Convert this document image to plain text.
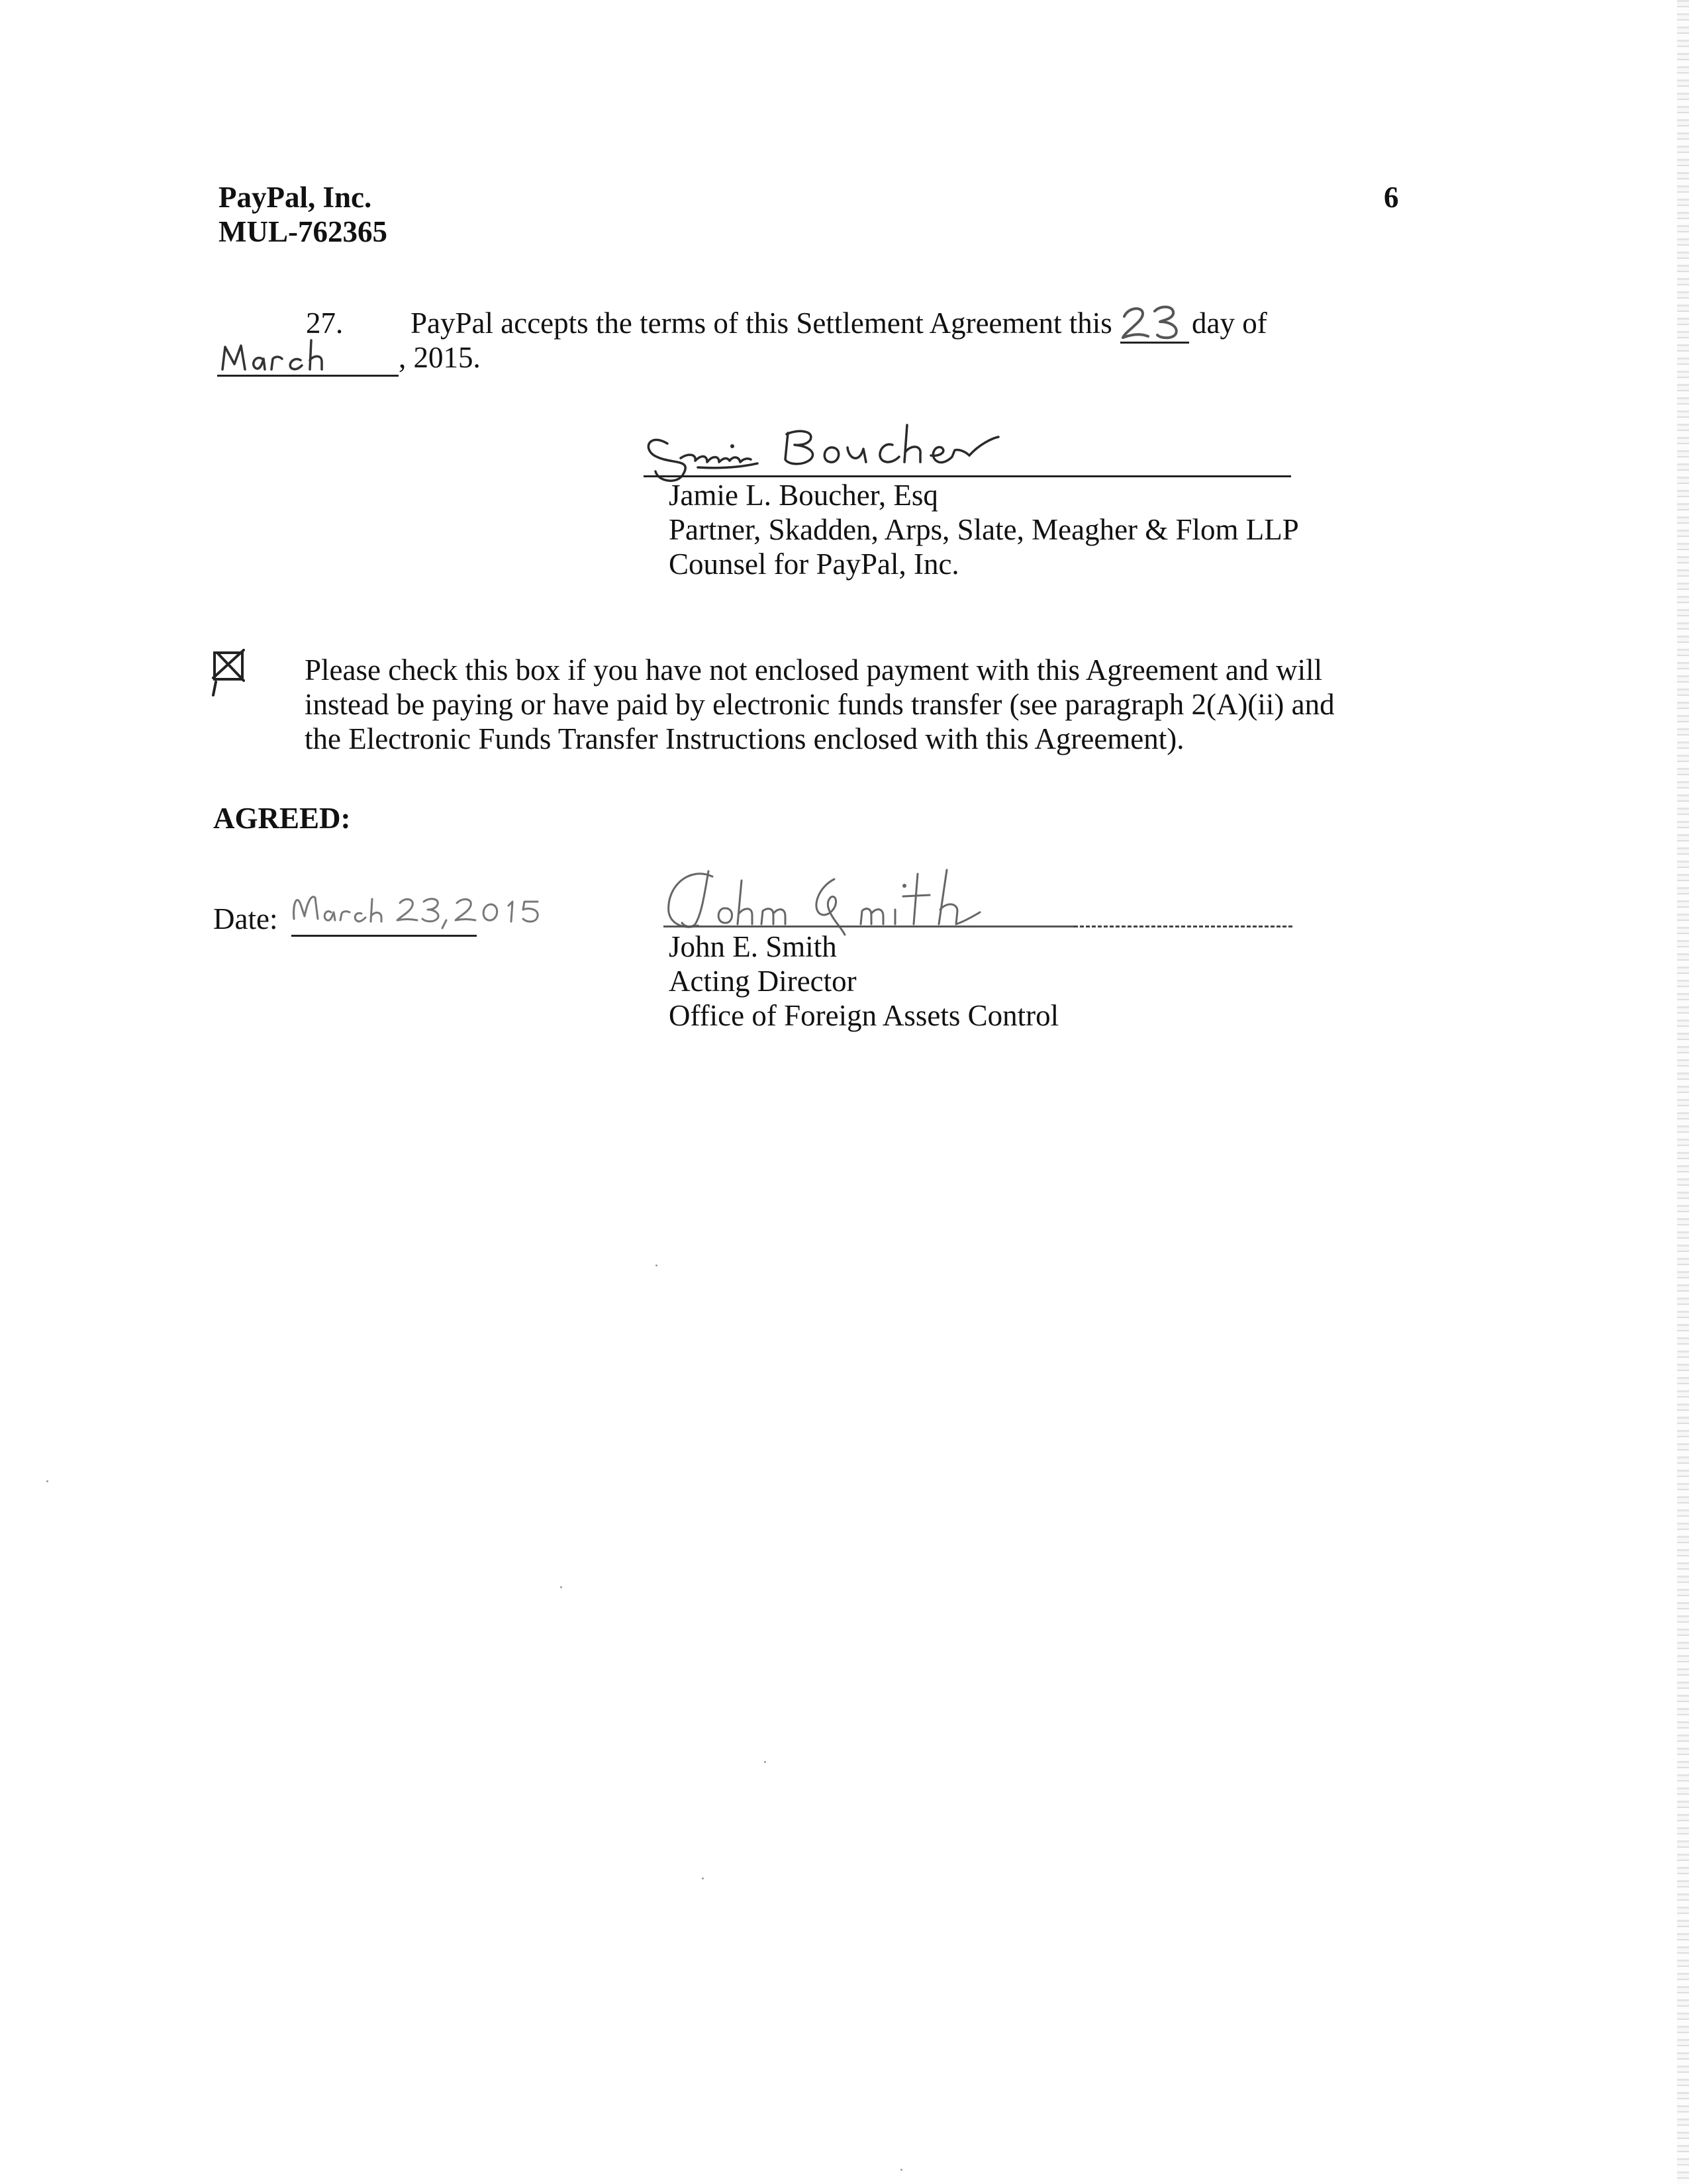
PayPal, Inc.
MUL-762365
6
27. PayPal accepts the terms of this Settlement Agreement this	day of
, 2015.
Jamie L. Boucher, Esq
Partner, Skadden, Arps, Slate, Meagher & Flom LLP
Counsel for PayPal, Inc.
Please check this box if you have not enclosed payment with this Agreement and will
instead be paying or have paid by electronic funds transfer (see paragraph 2(A)(ii) and
the Electronic Funds Transfer Instructions enclosed with this Agreement).
AGREED:
Date:
John E. Smith
Acting Director
Office of Foreign Assets Control
